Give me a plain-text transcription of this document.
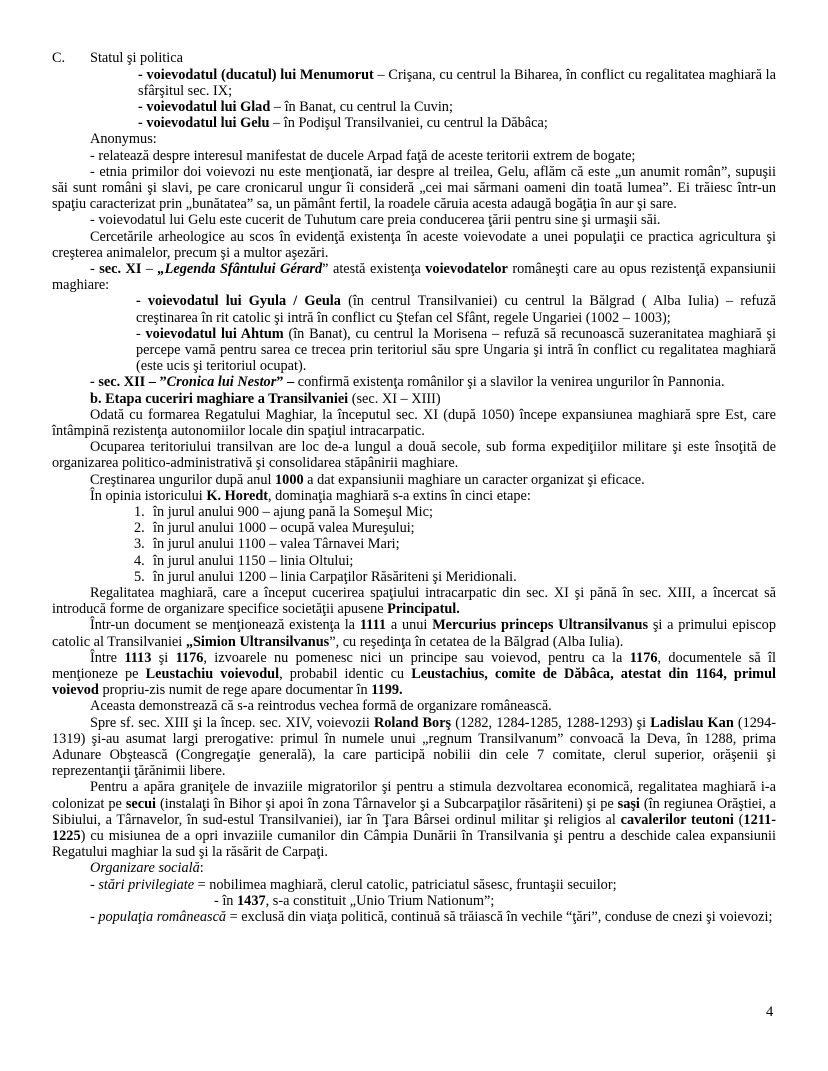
C. Statul şi politica

- voievodatul (ducatul) lui Menumorut – Crişana, cu centrul la Biharea, în conflict cu regalitatea maghiară la sfârşitul sec. IX;

- voievodatul lui Glad – în Banat, cu centrul la Cuvin;

- voievodatul lui Gelu – în Podişul Transilvaniei, cu centrul la Dăbâca;

Anonymus:

- relatează despre interesul manifestat de ducele Arpad faţă de aceste teritorii extrem de bogate;

- etnia primilor doi voievozi nu este menţionată, iar despre al treilea, Gelu, aflăm că este „un anumit român”, supuşii săi sunt români şi slavi, pe care cronicarul ungur îi consideră „cei mai sărmani oameni din toată lumea”. Ei trăiesc într-un spaţiu caracterizat prin „bunătatea” sa, un pământ fertil, la roadele căruia acesta adaugă bogăţia în aur şi sare.

- voievodatul lui Gelu este cucerit de Tuhutum care preia conducerea ţării pentru sine şi urmaşii săi.

Cercetările arheologice au scos în evidenţă existenţa în aceste voievodate a unei populaţii ce practica agricultura şi creşterea animalelor, precum şi a multor aşezări.

- sec. XI – „Legenda Sfântului Gérard” atestă existenţa voievodatelor româneşti care au opus rezistenţă expansiunii maghiare:

- voievodatul lui Gyula / Geula (în centrul Transilvaniei) cu centrul la Bălgrad ( Alba Iulia) – refuză creştinarea în rit catolic şi intră în conflict cu Ştefan cel Sfânt, regele Ungariei (1002 – 1003);

- voievodatul lui Ahtum (în Banat), cu centrul la Morisena – refuză să recunoască suzeranitatea maghiară şi percepe vamă pentru sarea ce trecea prin teritoriul său spre Ungaria şi intră în conflict cu regalitatea maghiară (este ucis şi teritoriul ocupat).

- sec. XII – ”Cronica lui Nestor” – confirmă existenţa românilor şi a slavilor la venirea ungurilor în Pannonia.

b. Etapa cuceriri maghiare a Transilvaniei (sec. XI – XIII)

Odată cu formarea Regatului Maghiar, la începutul sec. XI (după 1050) începe expansiunea maghiară spre Est, care întâmpină rezistenţa autonomiilor locale din spaţiul intracarpatic.

Ocuparea teritoriului transilvan are loc de-a lungul a două secole, sub forma expediţiilor militare şi este însoţită de organizarea politico-administrativă şi consolidarea stăpânirii maghiare.

Creştinarea ungurilor după anul 1000 a dat expansiunii maghiare un caracter organizat şi eficace.

În opinia istoricului K. Horedt, dominaţia maghiară s-a extins în cinci etape:

1. în jurul anului 900 – ajung pană la Someşul Mic;
2. în jurul anului 1000 – ocupă valea Mureşului;
3. în jurul anului 1100 – valea Târnavei Mari;
4. în jurul anului 1150 – linia Oltului;
5. în jurul anului 1200 – linia Carpaţilor Răsăriteni şi Meridionali.

Regalitatea maghiară, care a început cucerirea spaţiului intracarpatic din sec. XI şi pănă în sec. XIII, a încercat să introducă forme de organizare specifice societăţii apusene Principatul.

Într-un document se menţionează existenţa la 1111 a unui Mercurius princeps Ultransilvanus şi a primului episcop catolic al Transilvaniei „Simion Ultransilvanus”, cu reşedinţa în cetatea de la Bălgrad (Alba Iulia).

Între 1113 şi 1176, izvoarele nu pomenesc nici un principe sau voievod, pentru ca la 1176, documentele să îl menţioneze pe Leustachiu voievodul, probabil identic cu Leustachius, comite de Dăbâca, atestat din 1164, primul voievod propriu-zis numit de rege apare documentar în 1199.

Aceasta demonstrează că s-a reintrodus vechea formă de organizare românească.

Spre sf. sec. XIII şi la încep. sec. XIV, voievozii Roland Borş (1282, 1284-1285, 1288-1293) şi Ladislau Kan (1294-1319) şi-au asumat largi prerogative: primul în numele unui „regnum Transilvanum” convoacă la Deva, în 1288, prima Adunare Obştească (Congregaţie generală), la care participă nobilii din cele 7 comitate, clerul superior, orăşenii şi reprezentanţii ţărănimii libere.

Pentru a apăra graniţele de invaziile migratorilor şi pentru a stimula dezvoltarea economică, regalitatea maghiară i-a colonizat pe secui (instalaţi în Bihor şi apoi în zona Târnavelor şi a Subcarpaţilor răsăriteni) şi pe saşi (în regiunea Orăştiei, a Sibiului, a Târnavelor, în sud-estul Transilvaniei), iar în Ţara Bârsei ordinul militar şi religios al cavalerilor teutoni (1211-1225) cu misiunea de a opri invaziile cumanilor din Câmpia Dunării în Transilvania şi pentru a deschide calea expansiunii Regatului maghiar la sud şi la răsărit de Carpaţi.

Organizare socială:

- stări privilegiate = nobilimea maghiară, clerul catolic, patriciatul săsesc, fruntaşii secuilor;

- în 1437, s-a constituit „Unio Trium Nationum”;

- populaţia românească = exclusă din viaţa politică, continuă să trăiască în vechile “ţări”, conduse de cnezi şi voievozi;

4
